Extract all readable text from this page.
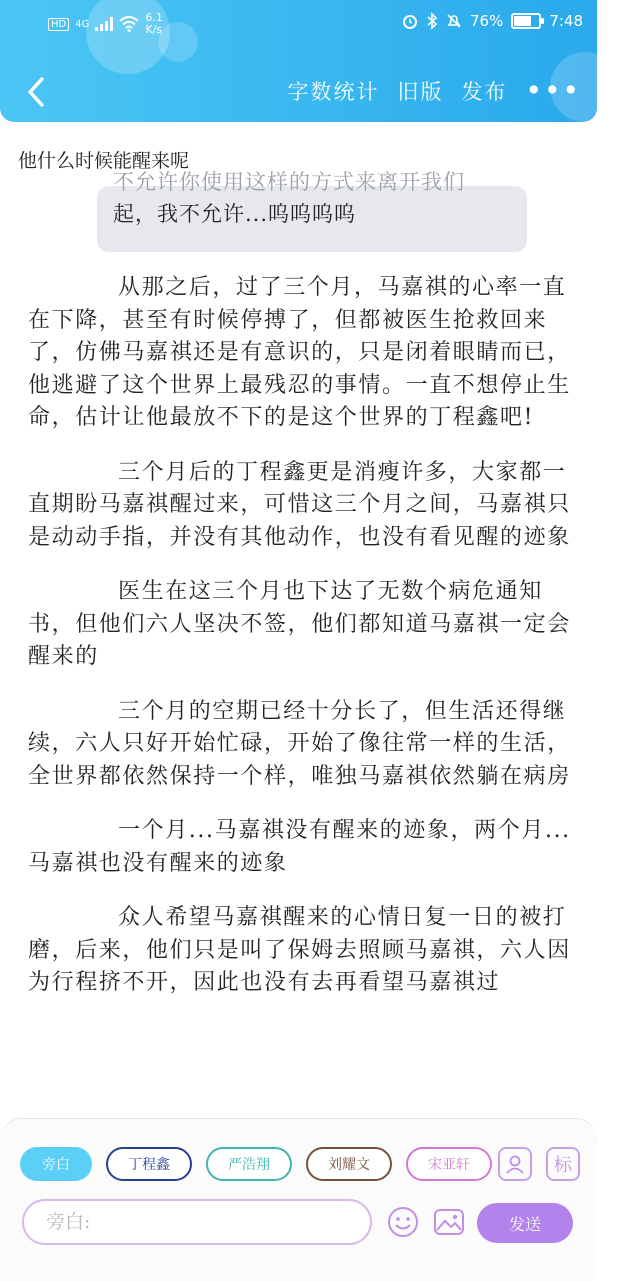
HD 4G	6.1
K/s	76%	7:48
字数统计 旧版 发布 •••
他什么时候能醒来呢
不允许你使用这样的方式来离开我们
起，我不允许...呜呜呜呜

从那之后，过了三个月，马嘉祺的心率一直在下降，甚至有时候停搏了，但都被医生抢救回来了，仿佛马嘉祺还是有意识的，只是闭着眼睛而已，他逃避了这个世界上最残忍的事情。一直不想停止生命，估计让他最放不下的是这个世界的丁程鑫吧!

三个月后的丁程鑫更是消瘦许多，大家都一直期盼马嘉祺醒过来，可惜这三个月之间，马嘉祺只是动动手指，并没有其他动作，也没有看见醒的迹象

医生在这三个月也下达了无数个病危通知书，但他们六人坚决不签，他们都知道马嘉祺一定会醒来的

三个月的空期已经十分长了，但生活还得继续，六人只好开始忙碌，开始了像往常一样的生活，全世界都依然保持一个样，唯独马嘉祺依然躺在病房

一个月...马嘉祺没有醒来的迹象，两个月...马嘉祺也没有醒来的迹象

众人希望马嘉祺醒来的心情日复一日的被打磨，后来，他们只是叫了保姆去照顾马嘉祺，六人因为行程挤不开，因此也没有去再看望马嘉祺过

旁白	丁程鑫	严浩翔	刘耀文	宋亚轩	标
旁白:	发送
